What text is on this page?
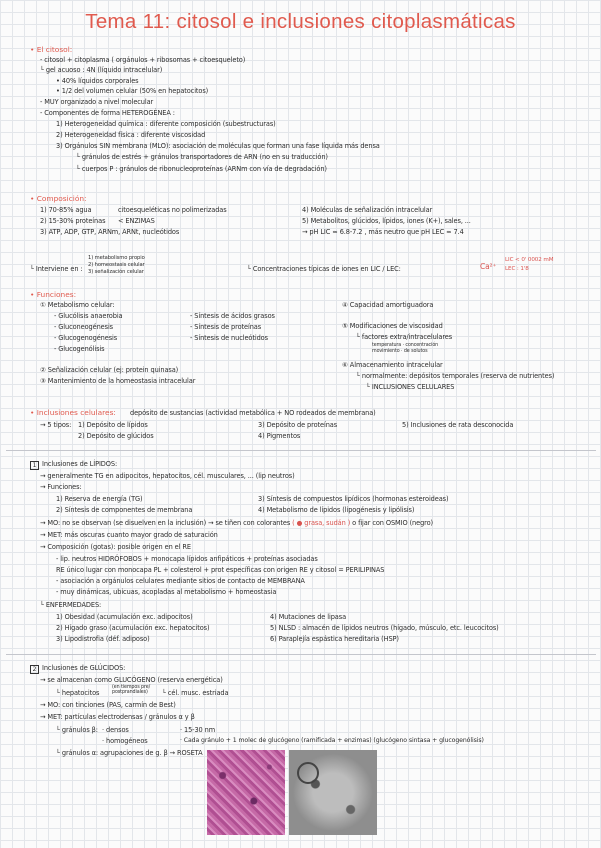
Tema 11: citosol e inclusiones citoplasmáticas
• El citosol:
- citosol + citoplasma ( orgánulos + ribosomas + citoesqueleto)
└ gel acuoso : 4N (líquido intracelular)
• 40% líquidos corporales
• 1/2 del volumen celular (50% en hepatocitos)
- MUY organizado a nivel molecular
- Componentes de forma HETEROGÉNEA :
1) Heterogeneidad química : diferente composición (subestructuras)
2) Heterogeneidad física : diferente viscosidad
3) Orgánulos SIN membrana (MLO): asociación de moléculas que forman una fase líquida más densa
└ gránulos de estrés + gránulos transportadores de ARN (no en su traducción)
└ cuerpos P : gránulos de ribonucleoproteínas (ARNm con vía de degradación)
• Composición:
1) 70-85% agua
2) 15-30% proteínas
3) ATP, ADP, GTP, ARNm, ARNt, nucleótidos
citoesqueléticas no polimerizadas
< ENZIMAS
4) Moléculas de señalización intracelular
5) Metabolitos, glúcidos, lípidos, iones (K+), sales, ...
→ pH LIC ≈ 6.8-7.2 , más neutro que pH LEC ≈ 7.4
└ Interviene en :
1) metabolismo propio
2) homeostasis celular
3) señalización celular	└ Concentraciones típicas de iones en LIC / LEC:	Ca²⁺
LIC < 0' 0002 mM
LEC : 1'8
• Funciones:
① Metabolismo celular:
- Glucólisis anaerobia
- Gluconeogénesis
- Glucogenogénesis
- Glucogenólisis
- Síntesis de ácidos grasos
- Síntesis de proteínas
- Síntesis de nucleótidos
② Señalización celular (ej: protein quinasa)
③ Mantenimiento de la homeostasia intracelular
④ Capacidad amortiguadora
⑤ Modificaciones de viscosidad
└ factores extra/intracelulares
temperatura · concentración
movimiento · de solutos
⑥ Almacenamiento intracelular
└ normalmente: depósitos temporales (reserva de nutrientes)
└ INCLUSIONES CELULARES
• Inclusiones celulares: depósito de sustancias (actividad metabólica + NO rodeados de membrana)
→ 5 tipos: 1) Depósito de lípidos
2) Depósito de glúcidos
3) Depósito de proteínas
4) Pigmentos
5) Inclusiones de rata desconocida
1 Inclusiones de LÍPIDOS:
→ generalmente TG en adipocitos, hepatocitos, cél. musculares, ... (lip neutros)
→ Funciones:
1) Reserva de energía (TG)
2) Síntesis de componentes de membrana
3) Síntesis de compuestos lipídicos (hormonas esteroideas)
4) Metabolismo de lípidos (lipogénesis y lipólisis)
→ MO: no se observan (se disuelven en la inclusión) → se tiñen con colorantes ( ● grasa, sudán ) o fijar con OSMIO (negro)
→ MET: más oscuras cuanto mayor grado de saturación
→ Composición (gotas): posible origen en el RE
- lip. neutros HIDRÓFOBOS + monocapa lípidos anfipáticos + proteínas asociadas
RE único lugar con monocapa PL + colesterol + prot específicas con origen RE y citosol = PERILIPINAS
- asociación a orgánulos celulares mediante sitios de contacto de MEMBRANA
- muy dinámicas, ubicuas, acopladas al metabolismo + homeostasia
└ ENFERMEDADES:
1) Obesidad (acumulación exc. adipocitos)
2) Hígado graso (acumulación exc. hepatocitos)
3) Lipodistrofia (déf. adiposo)
4) Mutaciones de lipasa
5) NLSD : almacén de lípidos neutros (hígado, músculo, etc. leucocitos)
6) Paraplejía espástica hereditaria (HSP)
2 Inclusiones de GLÚCIDOS:
→ se almacenan como GLUCÓGENO (reserva energética)
└ hepatocitos
(en tiempos pre/ postprandiales)	└ cél. musc. estriada
→ MO: con tinciones (PAS, carmín de Best)
→ MET: partículas electrodensas / gránulos α y β
└ gránulos β: · densos
· homogéneos
· 15-30 nm
· Cada gránulo + 1 molec de glucógeno (ramificada + enzimas) (glucógeno sintasa + glucogenólisis)
└ gránulos α: agrupaciones de g. β → ROSETA
